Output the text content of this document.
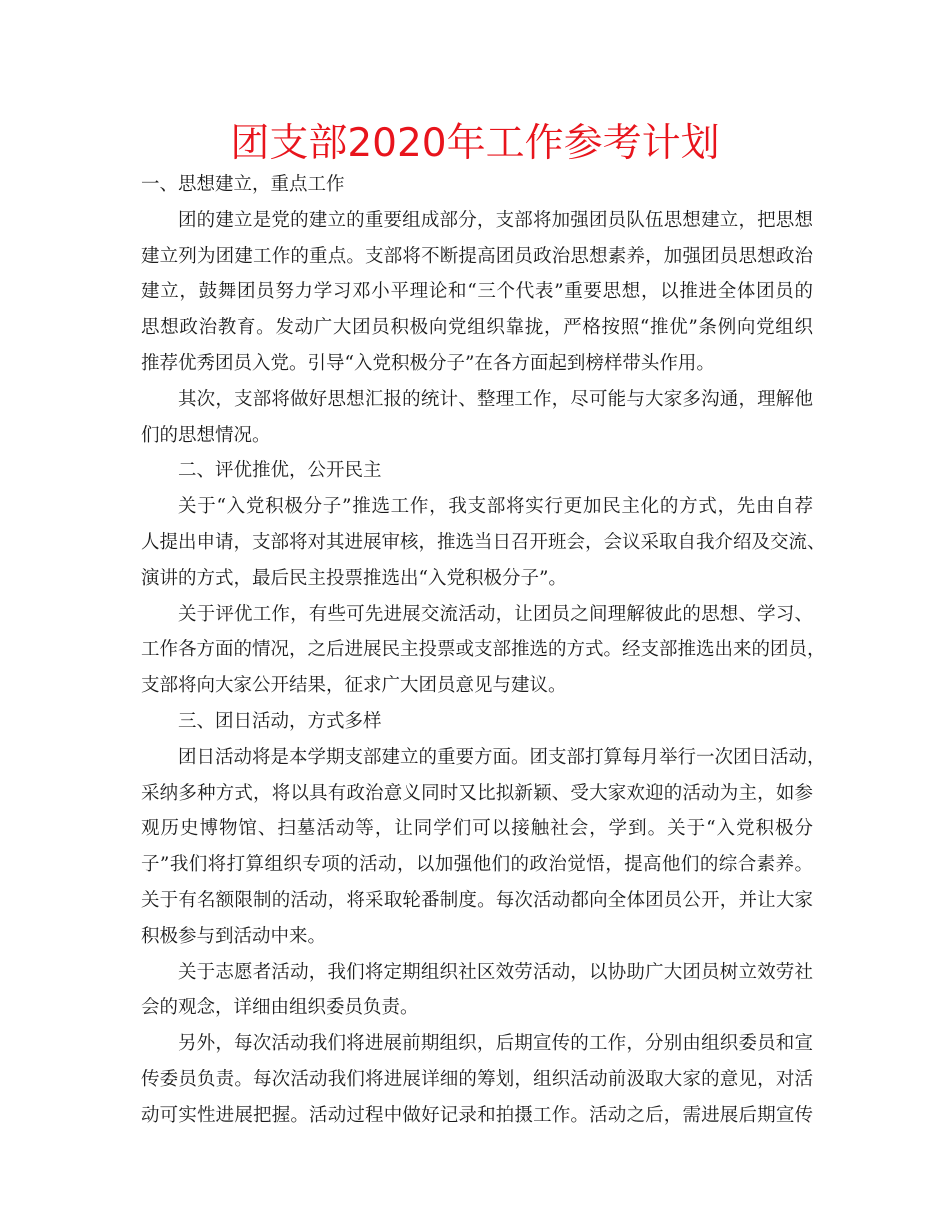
团支部2020年工作参考计划
一、思想建立，重点工作
团的建立是党的建立的重要组成部分，支部将加强团员队伍思想建立，把思想
建立列为团建工作的重点。支部将不断提高团员政治思想素养，加强团员思想政治
建立，鼓舞团员努力学习邓小平理论和“三个代表”重要思想，以推进全体团员的
思想政治教育。发动广大团员积极向党组织靠拢，严格按照“推优”条例向党组织
推荐优秀团员入党。引导“入党积极分子”在各方面起到榜样带头作用。
其次，支部将做好思想汇报的统计、整理工作，尽可能与大家多沟通，理解他
们的思想情况。
二、评优推优，公开民主
关于“入党积极分子”推选工作，我支部将实行更加民主化的方式，先由自荐
人提出申请，支部将对其进展审核，推选当日召开班会，会议采取自我介绍及交流、
演讲的方式，最后民主投票推选出“入党积极分子”。
关于评优工作，有些可先进展交流活动，让团员之间理解彼此的思想、学习、
工作各方面的情况，之后进展民主投票或支部推选的方式。经支部推选出来的团员，
支部将向大家公开结果，征求广大团员意见与建议。
三、团日活动，方式多样
团日活动将是本学期支部建立的重要方面。团支部打算每月举行一次团日活动，
采纳多种方式，将以具有政治意义同时又比拟新颖、受大家欢迎的活动为主，如参
观历史博物馆、扫墓活动等，让同学们可以接触社会，学到。关于“入党积极分
子”我们将打算组织专项的活动，以加强他们的政治觉悟，提高他们的综合素养。
关于有名额限制的活动，将采取轮番制度。每次活动都向全体团员公开，并让大家
积极参与到活动中来。
关于志愿者活动，我们将定期组织社区效劳活动，以协助广大团员树立效劳社
会的观念，详细由组织委员负责。
另外，每次活动我们将进展前期组织，后期宣传的工作，分别由组织委员和宣
传委员负责。每次活动我们将进展详细的筹划，组织活动前汲取大家的意见，对活
动可实性进展把握。活动过程中做好记录和拍摄工作。活动之后，需进展后期宣传
